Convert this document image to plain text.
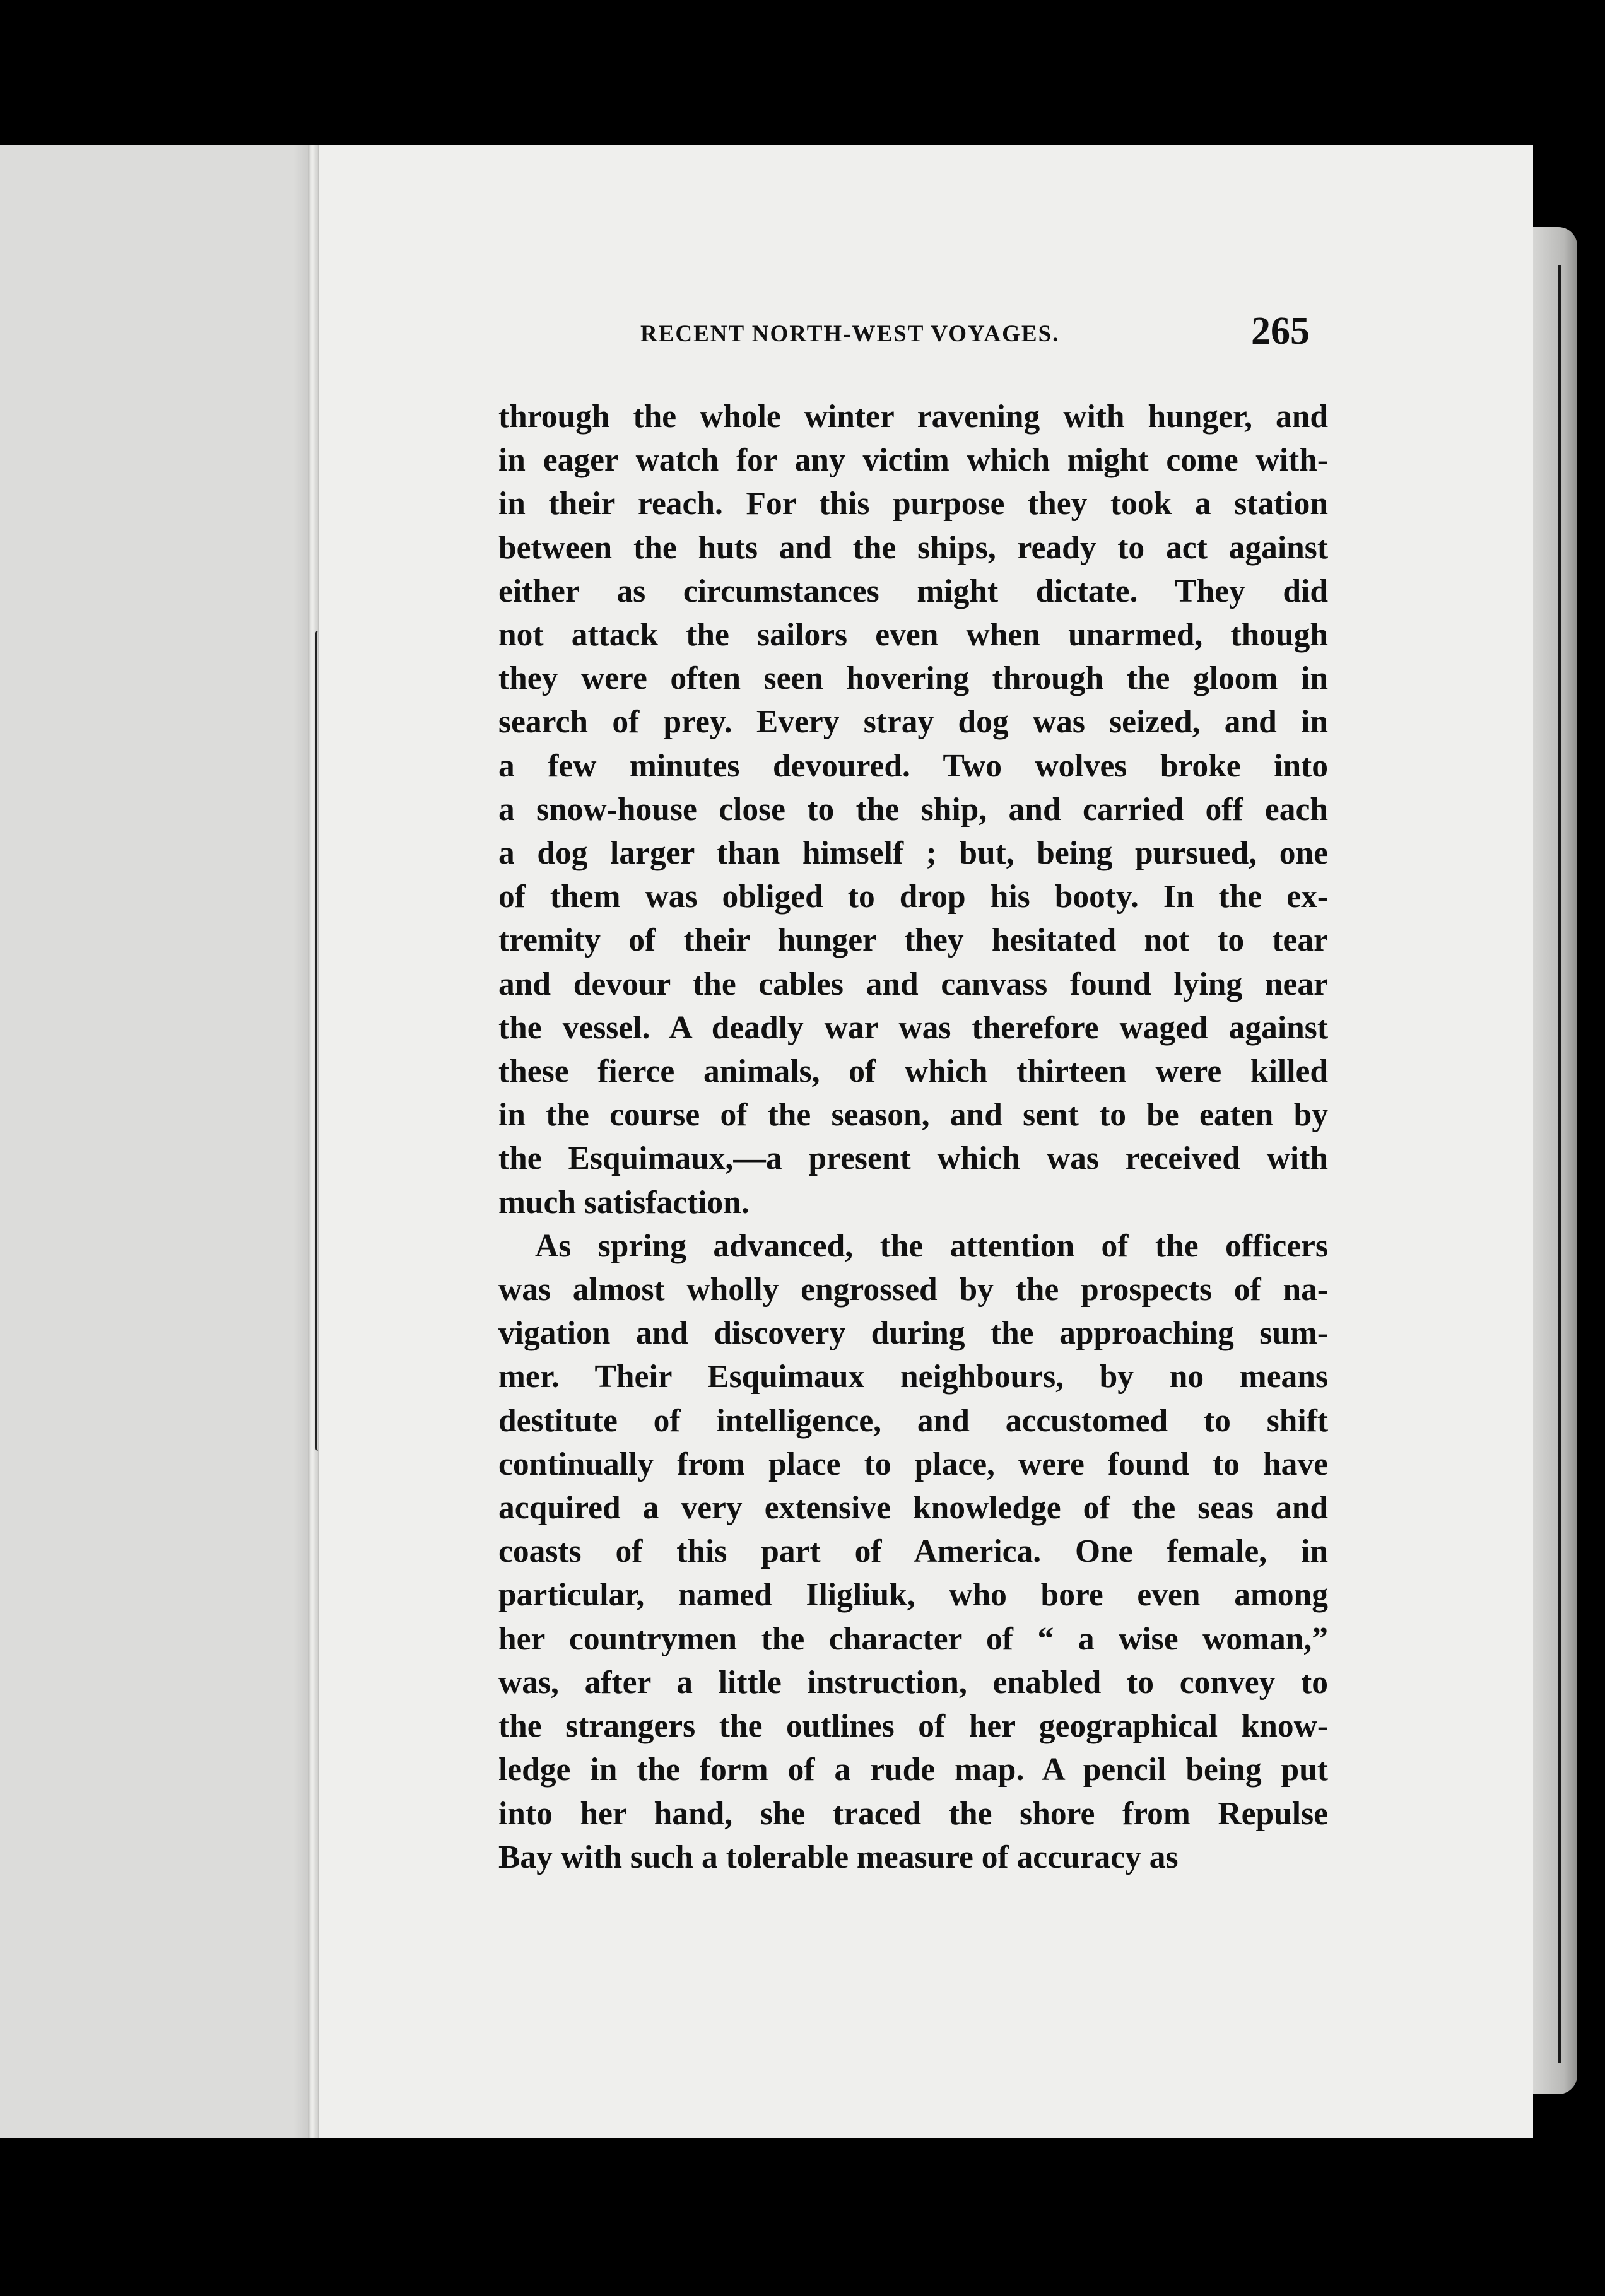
RECENT NORTH-WEST VOYAGES.	265
through the whole winter ravening with hunger, and
in eager watch for any victim which might come with-
in their reach. For this purpose they took a station
between the huts and the ships, ready to act against
either as circumstances might dictate. They did
not attack the sailors even when unarmed, though
they were often seen hovering through the gloom in
search of prey. Every stray dog was seized, and in
a few minutes devoured. Two wolves broke into
a snow-house close to the ship, and carried off each
a dog larger than himself ; but, being pursued, one
of them was obliged to drop his booty. In the ex-
tremity of their hunger they hesitated not to tear
and devour the cables and canvass found lying near
the vessel. A deadly war was therefore waged against
these fierce animals, of which thirteen were killed
in the course of the season, and sent to be eaten by
the Esquimaux,—a present which was received with
much satisfaction.
As spring advanced, the attention of the officers
was almost wholly engrossed by the prospects of na-
vigation and discovery during the approaching sum-
mer. Their Esquimaux neighbours, by no means
destitute of intelligence, and accustomed to shift
continually from place to place, were found to have
acquired a very extensive knowledge of the seas and
coasts of this part of America. One female, in
particular, named Iligliuk, who bore even among
her countrymen the character of “ a wise woman,”
was, after a little instruction, enabled to convey to
the strangers the outlines of her geographical know-
ledge in the form of a rude map. A pencil being put
into her hand, she traced the shore from Repulse
Bay with such a tolerable measure of accuracy as
